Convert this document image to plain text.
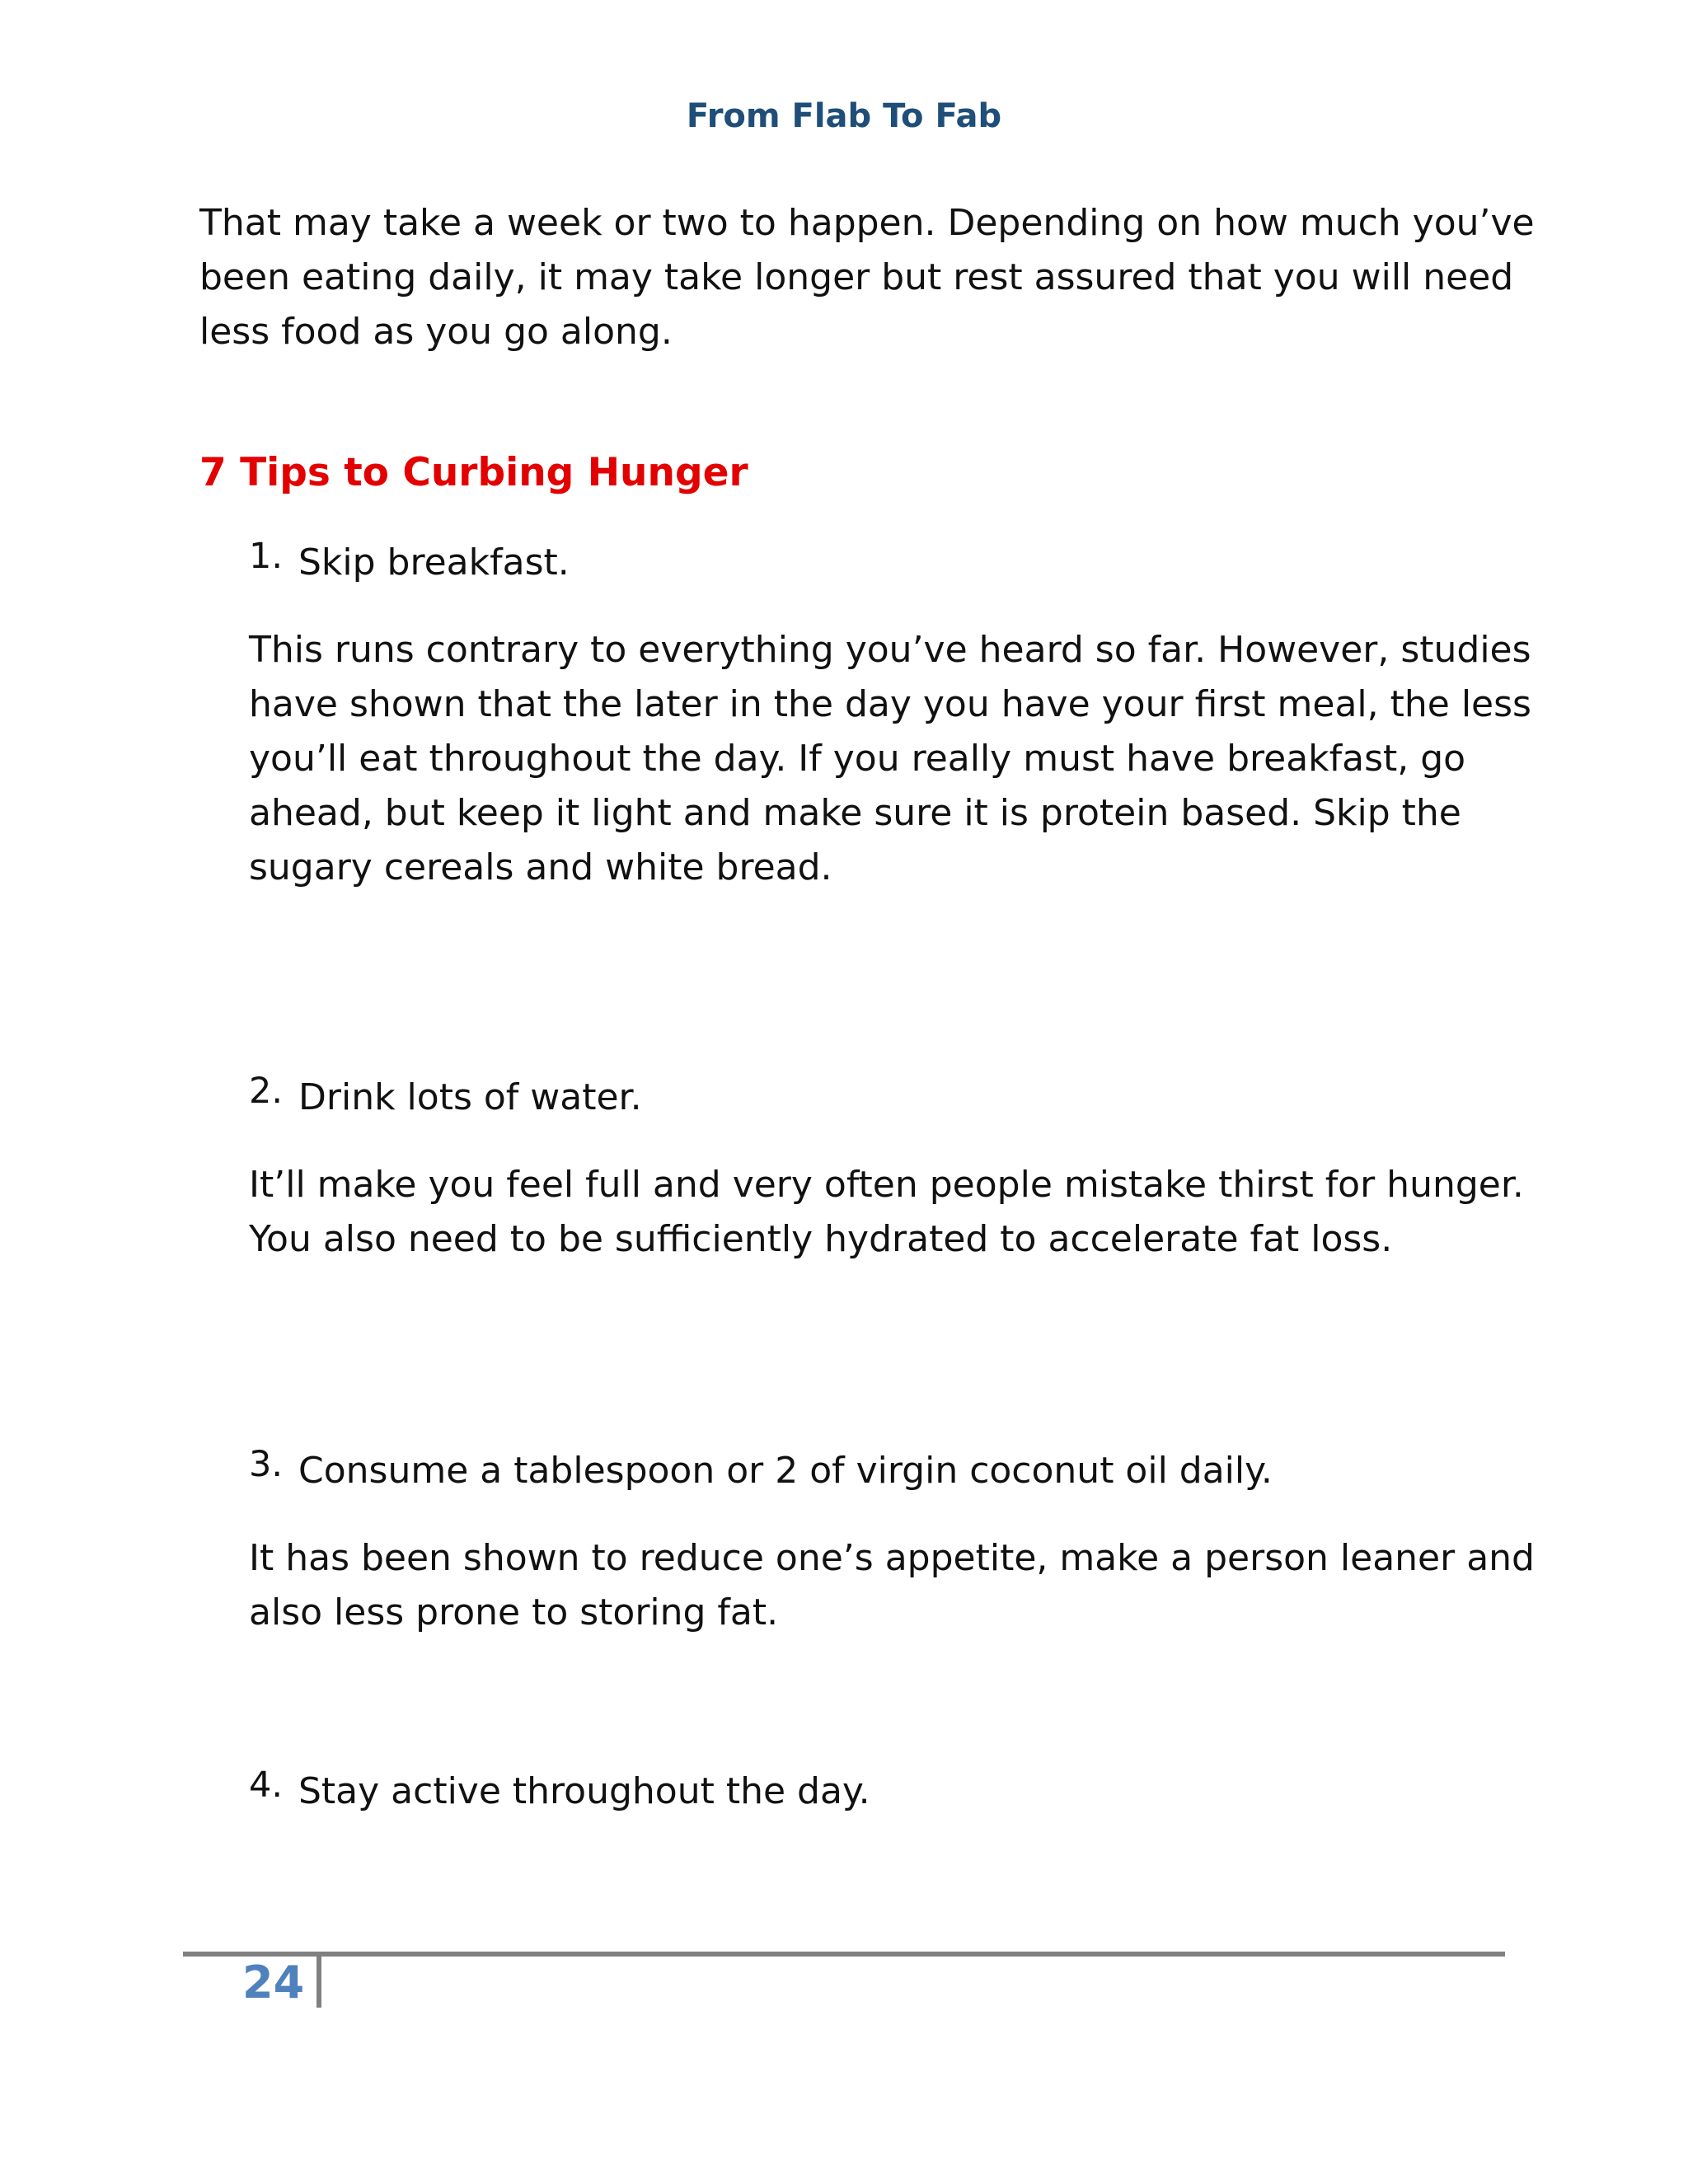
From Flab To Fab

That may take a week or two to happen. Depending on how much you’ve been eating daily, it may take longer but rest assured that you will need less food as you go along.

7 Tips to Curbing Hunger

1. Skip breakfast.

This runs contrary to everything you’ve heard so far. However, studies have shown that the later in the day you have your first meal, the less you’ll eat throughout the day. If you really must have breakfast, go ahead, but keep it light and make sure it is protein based. Skip the sugary cereals and white bread.

2. Drink lots of water.

It’ll make you feel full and very often people mistake thirst for hunger. You also need to be sufficiently hydrated to accelerate fat loss.

3. Consume a tablespoon or 2 of virgin coconut oil daily.

It has been shown to reduce one’s appetite, make a person leaner and also less prone to storing fat.

4. Stay active throughout the day.

24
